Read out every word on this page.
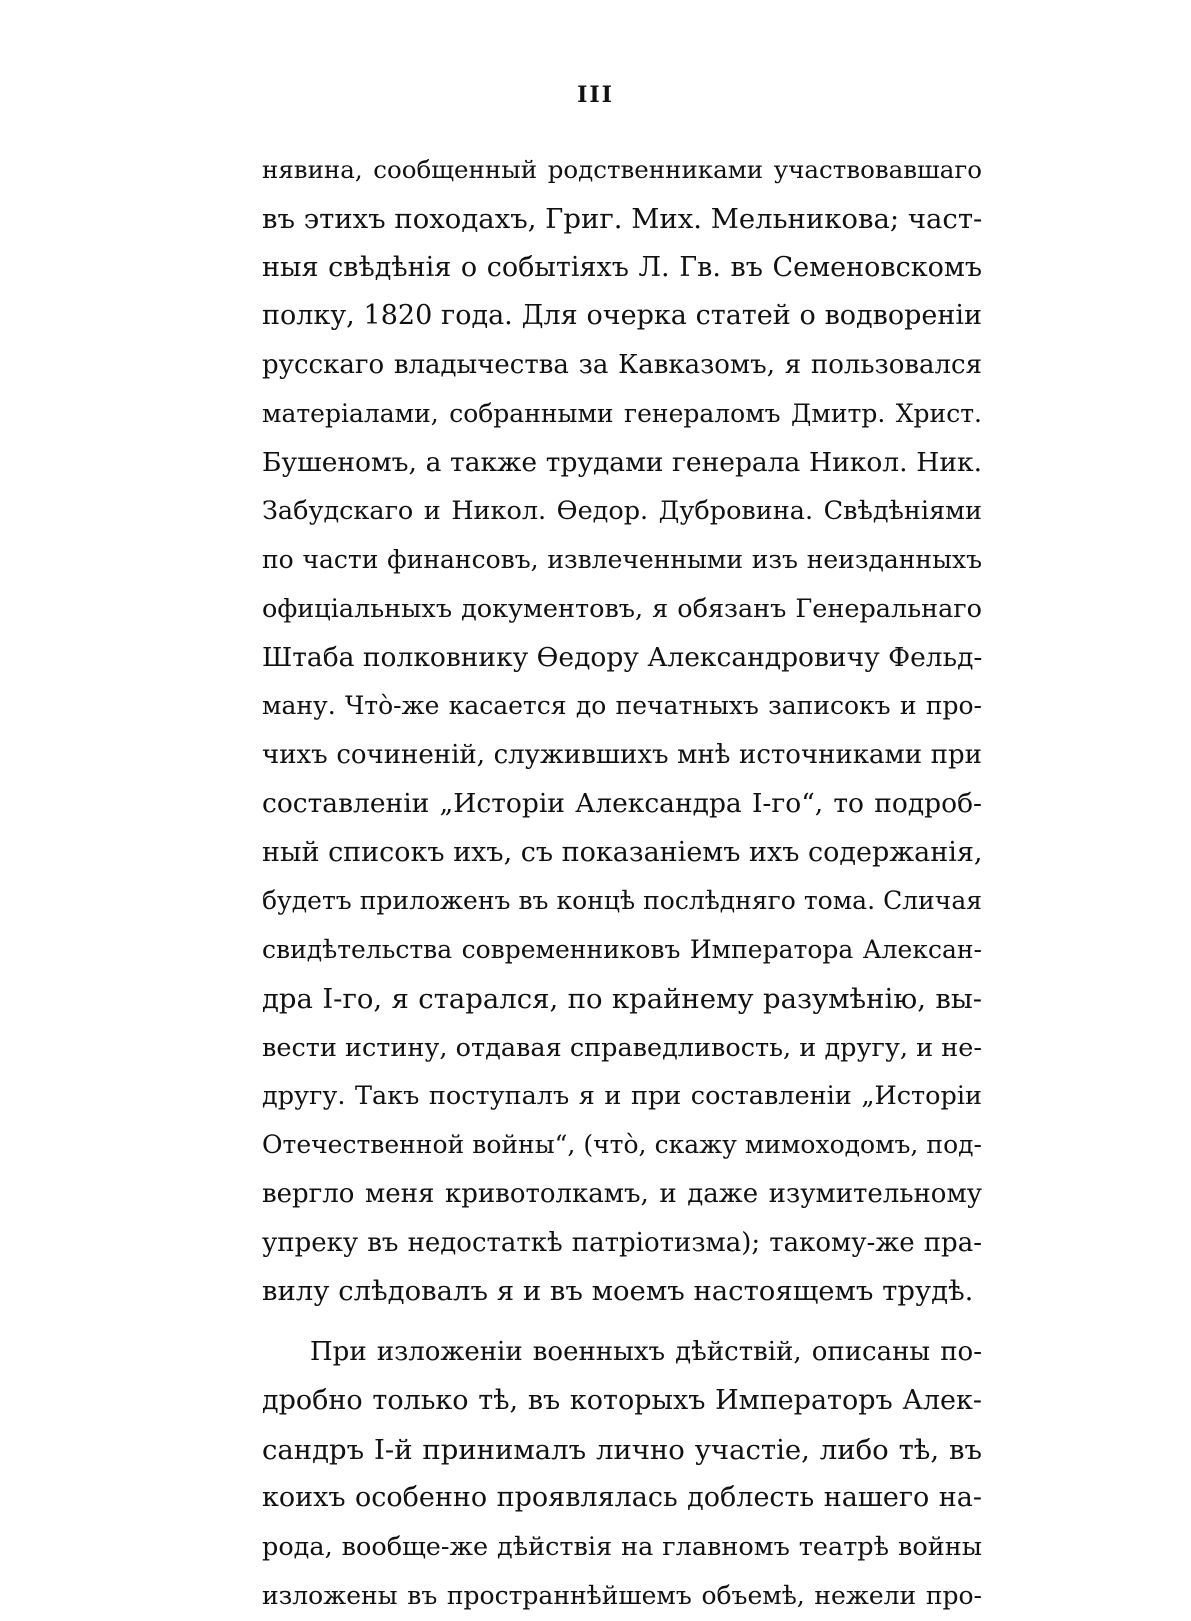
III
нявина, сообщенный родственниками участвовавшаго
въ этихъ походахъ, Григ. Мих. Мельникова; част-
ныя свѣдѣнія о событіяхъ Л. Гв. въ Семеновскомъ
полку, 1820 года. Для очерка статей о водвореніи
русскаго владычества за Кавказомъ, я пользовался
матеріалами, собранными генераломъ Дмитр. Христ.
Бушеномъ, а также трудами генерала Никол. Ник.
Забудскаго и Никол. Ѳедор. Дубровина. Свѣдѣніями
по части финансовъ, извлеченными изъ неизданныхъ
офиціальныхъ документовъ, я обязанъ Генеральнаго
Штаба полковнику Ѳедору Александровичу Фельд-
ману. Что̀-же касается до печатныхъ записокъ и про-
чихъ сочиненій, служившихъ мнѣ источниками при
составленіи „Исторіи Александра I-го“, то подроб-
ный списокъ ихъ, съ показаніемъ ихъ содержанія,
будетъ приложенъ въ концѣ послѣдняго тома. Сличая
свидѣтельства современниковъ Императора Алексан-
дра I-го, я старался, по крайнему разумѣнію, вы-
вести истину, отдавая справедливость, и другу, и не-
другу. Такъ поступалъ я и при составленіи „Исторіи
Отечественной войны“, (что̀, скажу мимоходомъ, под-
вергло меня кривотолкамъ, и даже изумительному
упреку въ недостаткѣ патріотизма); такому-же пра-
вилу слѣдовалъ я и въ моемъ настоящемъ трудѣ.
При изложеніи военныхъ дѣйствій, описаны по-
дробно только тѣ, въ которыхъ Императоръ Алек-
сандръ I-й принималъ лично участіе, либо тѣ, въ
коихъ особенно проявлялась доблесть нашего на-
рода, вообще-же дѣйствія на главномъ театрѣ войны
изложены въ пространнѣйшемъ объемѣ, нежели про-
